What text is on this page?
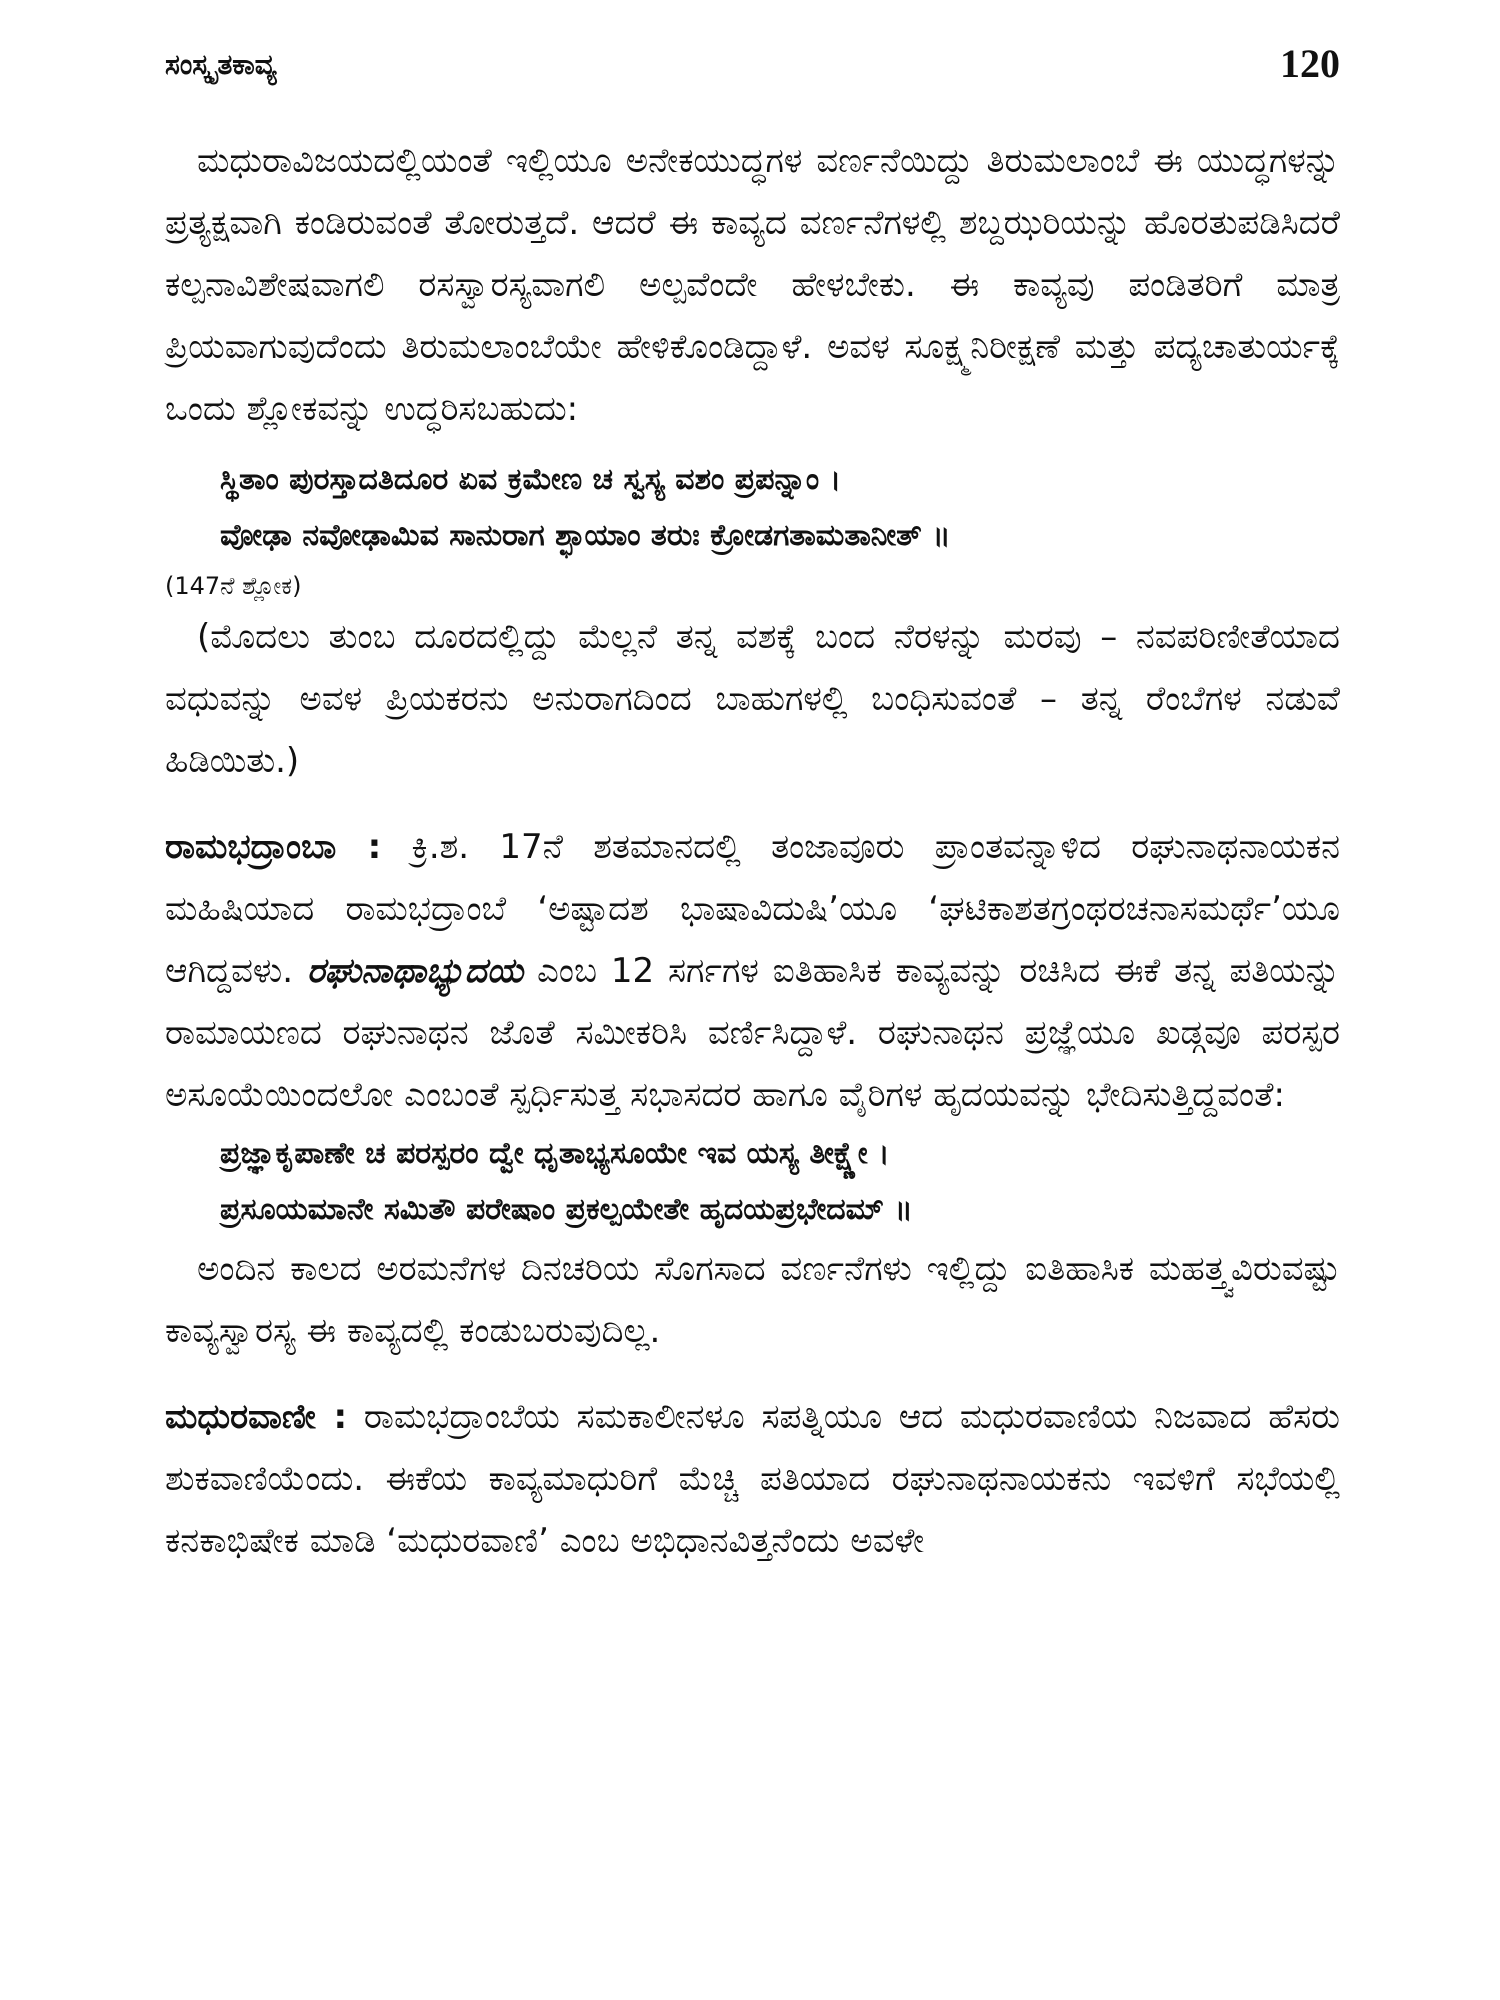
ಸಂಸ್ಕೃತಕಾವ್ಯ	120

ಮಧುರಾವಿಜಯದಲ್ಲಿಯಂತೆ ಇಲ್ಲಿಯೂ ಅನೇಕಯುದ್ಧಗಳ ವರ್ಣನೆಯಿದ್ದು ತಿರುಮಲಾಂಬೆ ಈ ಯುದ್ಧಗಳನ್ನು ಪ್ರತ್ಯಕ್ಷವಾಗಿ ಕಂಡಿರುವಂತೆ ತೋರುತ್ತದೆ. ಆದರೆ ಈ ಕಾವ್ಯದ ವರ್ಣನೆಗಳಲ್ಲಿ ಶಬ್ದಝರಿಯನ್ನು ಹೊರತುಪಡಿಸಿದರೆ ಕಲ್ಪನಾವಿಶೇಷವಾಗಲಿ ರಸಸ್ವಾರಸ್ಯವಾಗಲಿ ಅಲ್ಪವೆಂದೇ ಹೇಳಬೇಕು. ಈ ಕಾವ್ಯವು ಪಂಡಿತರಿಗೆ ಮಾತ್ರ ಪ್ರಿಯವಾಗುವುದೆಂದು ತಿರುಮಲಾಂಬೆಯೇ ಹೇಳಿಕೊಂಡಿದ್ದಾಳೆ. ಅವಳ ಸೂಕ್ಷ್ಮನಿರೀಕ್ಷಣೆ ಮತ್ತು ಪದ್ಯಚಾತುರ್ಯಕ್ಕೆ ಒಂದು ಶ್ಲೋಕವನ್ನು ಉದ್ಧರಿಸಬಹುದು:

ಸ್ಥಿತಾಂ ಪುರಸ್ತಾದತಿದೂರ ಏವ ಕ್ರಮೇಣ ಚ ಸ್ವಸ್ಯ ವಶಂ ಪ್ರಪನ್ನಾಂ ।
ವೋಢಾ ನವೋಢಾಮಿವ ಸಾನುರಾಗ ಶ್ಛಾಯಾಂ ತರುಃ ಕ್ರೋಡಗತಾಮತಾನೀತ್ ॥

(147ನೆ ಶ್ಲೋಕ)

(ಮೊದಲು ತುಂಬ ದೂರದಲ್ಲಿದ್ದು ಮೆಲ್ಲನೆ ತನ್ನ ವಶಕ್ಕೆ ಬಂದ ನೆರಳನ್ನು ಮರವು – ನವಪರಿಣೀತೆಯಾದ ವಧುವನ್ನು ಅವಳ ಪ್ರಿಯಕರನು ಅನುರಾಗದಿಂದ ಬಾಹುಗಳಲ್ಲಿ ಬಂಧಿಸುವಂತೆ – ತನ್ನ ರೆಂಬೆಗಳ ನಡುವೆ ಹಿಡಿಯಿತು.)

ರಾಮಭದ್ರಾಂಬಾ : ಕ್ರಿ.ಶ. 17ನೆ ಶತಮಾನದಲ್ಲಿ ತಂಜಾವೂರು ಪ್ರಾಂತವನ್ನಾಳಿದ ರಘುನಾಥನಾಯಕನ ಮಹಿಷಿಯಾದ ರಾಮಭದ್ರಾಂಬೆ ‘ಅಷ್ಟಾದಶ ಭಾಷಾವಿದುಷಿ’ಯೂ ‘ಘಟಿಕಾಶತಗ್ರಂಥರಚನಾಸಮರ್ಥೆ’ಯೂ ಆಗಿದ್ದವಳು. ರಘುನಾಥಾಭ್ಯುದಯ ಎಂಬ 12 ಸರ್ಗಗಳ ಐತಿಹಾಸಿಕ ಕಾವ್ಯವನ್ನು ರಚಿಸಿದ ಈಕೆ ತನ್ನ ಪತಿಯನ್ನು ರಾಮಾಯಣದ ರಘುನಾಥನ ಜೊತೆ ಸಮೀಕರಿಸಿ ವರ್ಣಿಸಿದ್ದಾಳೆ. ರಘುನಾಥನ ಪ್ರಜ್ಞೆಯೂ ಖಡ್ಗವೂ ಪರಸ್ಪರ ಅಸೂಯೆಯಿಂದಲೋ ಎಂಬಂತೆ ಸ್ಪರ್ಧಿಸುತ್ತ ಸಭಾಸದರ ಹಾಗೂ ವೈರಿಗಳ ಹೃದಯವನ್ನು ಭೇದಿಸುತ್ತಿದ್ದವಂತೆ:

ಪ್ರಜ್ಞಾಕೃಪಾಣೇ ಚ ಪರಸ್ಪರಂ ದ್ವೇ ಧೃತಾಭ್ಯಸೂಯೇ ಇವ ಯಸ್ಯ ತೀಕ್ಷ್ಣೇ ।
ಪ್ರಸೂಯಮಾನೇ ಸಮಿತೌ ಪರೇಷಾಂ ಪ್ರಕಲ್ಪಯೇತೇ ಹೃದಯಪ್ರಭೇದಮ್ ॥

ಅಂದಿನ ಕಾಲದ ಅರಮನೆಗಳ ದಿನಚರಿಯ ಸೊಗಸಾದ ವರ್ಣನೆಗಳು ಇಲ್ಲಿದ್ದು ಐತಿಹಾಸಿಕ ಮಹತ್ತ್ವವಿರುವಷ್ಟು ಕಾವ್ಯಸ್ವಾರಸ್ಯ ಈ ಕಾವ್ಯದಲ್ಲಿ ಕಂಡುಬರುವುದಿಲ್ಲ.

ಮಧುರವಾಣೀ : ರಾಮಭದ್ರಾಂಬೆಯ ಸಮಕಾಲೀನಳೂ ಸಪತ್ನಿಯೂ ಆದ ಮಧುರವಾಣಿಯ ನಿಜವಾದ ಹೆಸರು ಶುಕವಾಣಿಯೆಂದು. ಈಕೆಯ ಕಾವ್ಯಮಾಧುರಿಗೆ ಮೆಚ್ಚಿ ಪತಿಯಾದ ರಘುನಾಥನಾಯಕನು ಇವಳಿಗೆ ಸಭೆಯಲ್ಲಿ ಕನಕಾಭಿಷೇಕ ಮಾಡಿ ‘ಮಧುರವಾಣಿ’ ಎಂಬ ಅಭಿಧಾನವಿತ್ತನೆಂದು ಅವಳೇ
